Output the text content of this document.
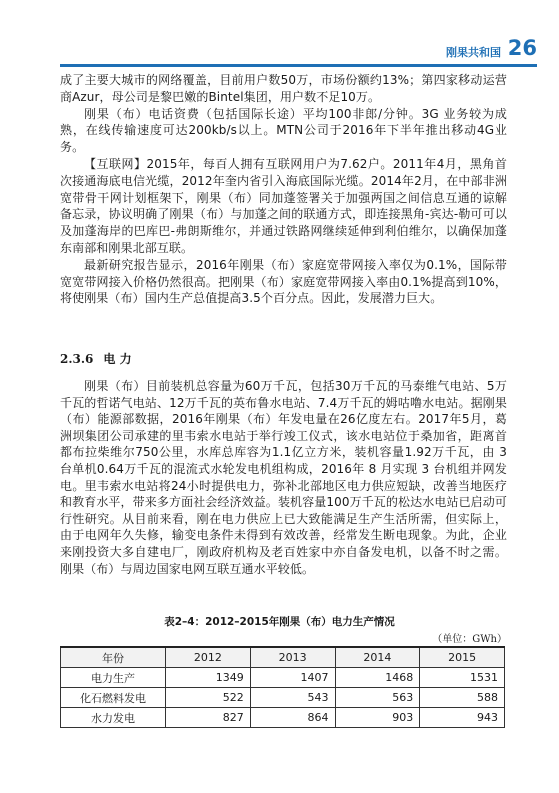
刚果共和国 26

成了主要大城市的网络覆盖，目前用户数50万，市场份额约13%；第四家移动运营商Azur，母公司是黎巴嫩的Bintel集团，用户数不足10万。

刚果（布）电话资费（包括国际长途）平均100非郎/分钟。3G 业务较为成熟，在线传输速度可达200kb/s以上。MTN公司于2016年下半年推出移动4G业务。

【互联网】2015年，每百人拥有互联网用户为7.62户。2011年4月，黑角首次接通海底电信光缆，2012年奎内省引入海底国际光缆。2014年2月，在中部非洲宽带骨干网计划框架下，刚果（布）同加蓬签署关于加强两国之间信息互通的谅解备忘录，协议明确了刚果（布）与加蓬之间的联通方式，即连接黑角-宾达-勒可可以及加蓬海岸的巴库巴-弗朗斯维尔，并通过铁路网继续延伸到利伯维尔，以确保加蓬东南部和刚果北部互联。

最新研究报告显示，2016年刚果（布）家庭宽带网接入率仅为0.1%，国际带宽宽带网接入价格仍然很高。把刚果（布）家庭宽带网接入率由0.1%提高到10%，将使刚果（布）国内生产总值提高3.5个百分点。因此，发展潜力巨大。

2.3.6 电 力

刚果（布）目前装机总容量为60万千瓦，包括30万千瓦的马泰维气电站、5万千瓦的哲诺气电站、12万千瓦的英布鲁水电站、7.4万千瓦的姆咕噜水电站。据刚果（布）能源部数据，2016年刚果（布）年发电量在26亿度左右。2017年5月，葛洲坝集团公司承建的里韦索水电站于举行竣工仪式，该水电站位于桑加省，距离首都布拉柴维尔750公里，水库总库容为1.1亿立方米，装机容量1.92万千瓦，由 3 台单机0.64万千瓦的混流式水轮发电机组构成，2016年 8 月实现 3 台机组并网发电。里韦索水电站将24小时提供电力，弥补北部地区电力供应短缺，改善当地医疗和教育水平，带来多方面社会经济效益。装机容量100万千瓦的松达水电站已启动可行性研究。从目前来看，刚在电力供应上已大致能满足生产生活所需，但实际上，由于电网年久失修，输变电条件未得到有效改善，经常发生断电现象。为此，企业来刚投资大多自建电厂，刚政府机构及老百姓家中亦自备发电机，以备不时之需。刚果（布）与周边国家电网互联互通水平较低。

表2–4：2012–2015年刚果（布）电力生产情况
（单位：GWh）
年份	2012	2013	2014	2015
电力生产	1349	1407	1468	1531
化石燃料发电	522	543	563	588
水力发电	827	864	903	943
